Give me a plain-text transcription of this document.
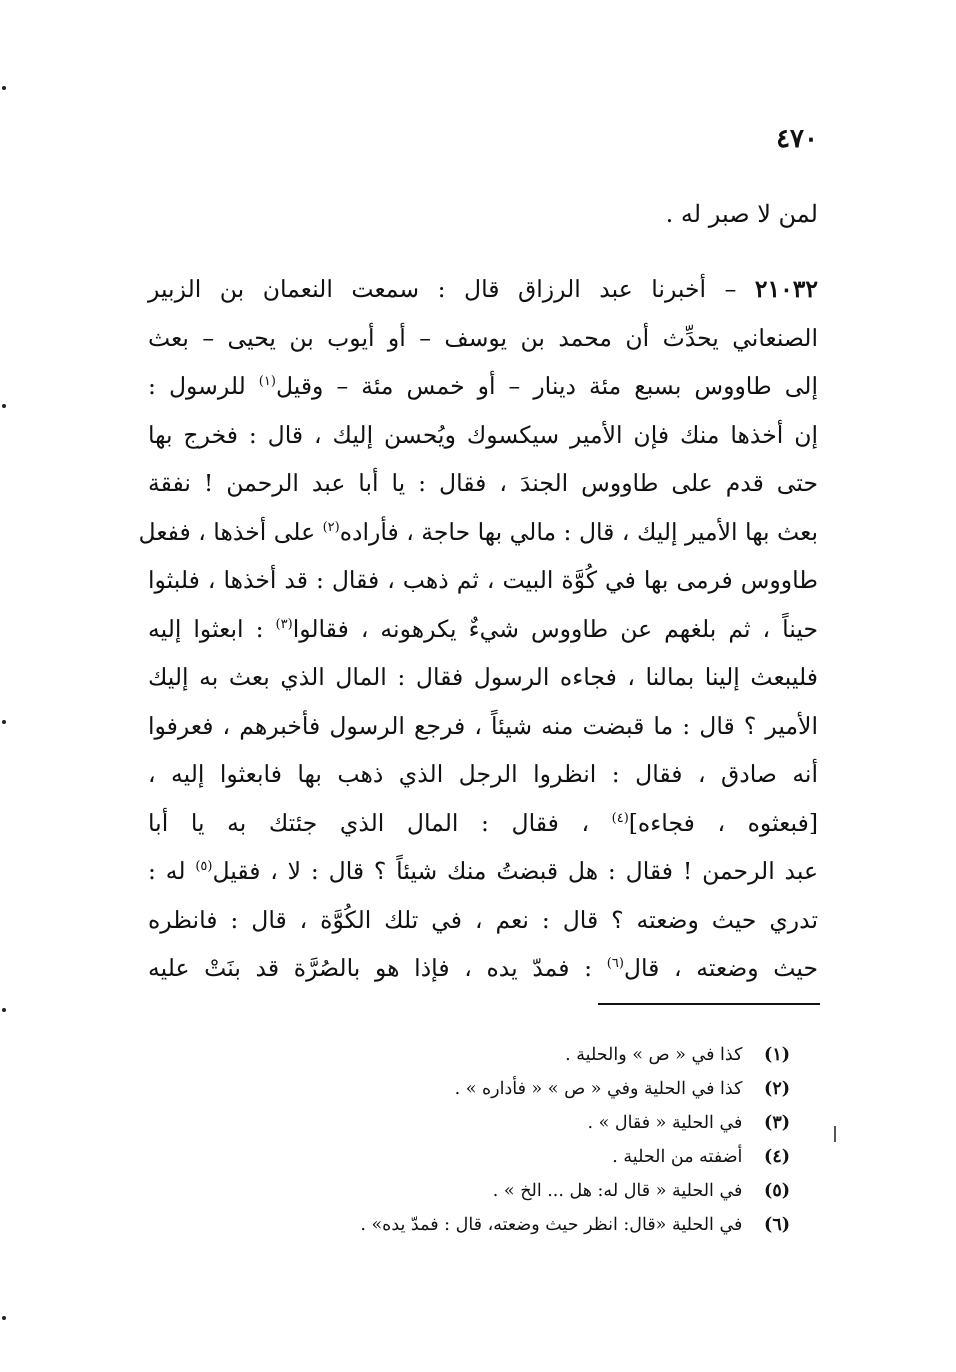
٤٧٠
لمن لا صبر له .
٢١٠٣٢ – أخبرنا عبد الرزاق قال : سمعت النعمان بن الزبير
الصنعاني يحدِّث أن محمد بن يوسف – أو أيوب بن يحيى – بعث
إلى طاووس بسبع مئة دينار – أو خمس مئة – وقيل$^{(١)}$ للرسول :
إن أخذها منك فإن الأمير سيكسوك ويُحسن إليك ، قال : فخرج بها
حتى قدم على طاووس الجندَ ، فقال : يا أبا عبد الرحمن ! نفقة
بعث بها الأمير إليك ، قال : مالي بها حاجة ، فأراده$^{(٢)}$ على أخذها ، ففعل
طاووس فرمى بها في كُوَّة البيت ، ثم ذهب ، فقال : قد أخذها ، فلبثوا
حيناً ، ثم بلغهم عن طاووس شيءٌ يكرهونه ، فقالوا$^{(٣)}$ : ابعثوا إليه
فليبعث إلينا بمالنا ، فجاءه الرسول فقال : المال الذي بعث به إليك
الأمير ؟ قال : ما قبضت منه شيئاً ، فرجع الرسول فأخبرهم ، فعرفوا
أنه صادق ، فقال : انظروا الرجل الذي ذهب بها فابعثوا إليه ،
[فبعثوه ، فجاءه]$^{(٤)}$ ، فقال : المال الذي جئتك به يا أبا
عبد الرحمن ! فقال : هل قبضتُ منك شيئاً ؟ قال : لا ، فقيل$^{(٥)}$ له :
تدري حيث وضعته ؟ قال : نعم ، في تلك الكُوَّة ، قال : فانظره
حيث وضعته ، قال$^{(٦)}$ : فمدّ يده ، فإذا هو بالصُرَّة قد بنَتْ عليه
(١) كذا في « ص » والحلية .
(٢) كذا في الحلية وفي « ص » « فأداره » .
(٣) في الحلية « فقال » .
(٤) أضفته من الحلية .
(٥) في الحلية « قال له: هل ... الخ » .
(٦) في الحلية «قال: انظر حيث وضعته، قال : فمدّ يده» .
